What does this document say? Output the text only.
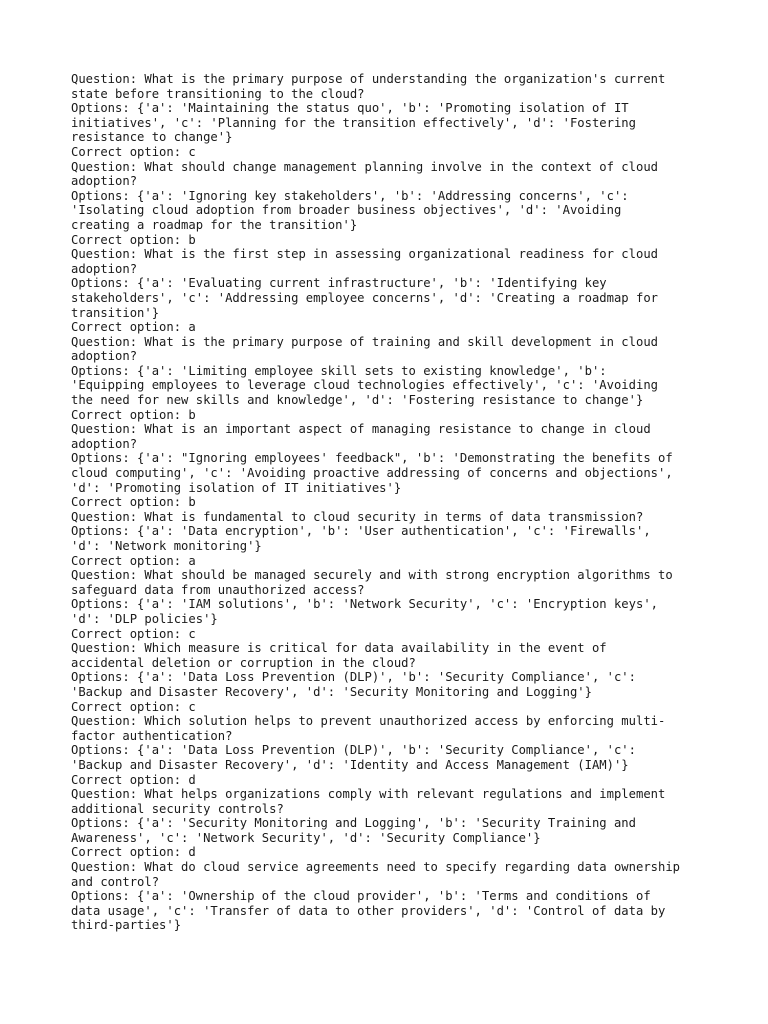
Question: What is the primary purpose of understanding the organization's current
state before transitioning to the cloud?
Options: {'a': 'Maintaining the status quo', 'b': 'Promoting isolation of IT
initiatives', 'c': 'Planning for the transition effectively', 'd': 'Fostering
resistance to change'}
Correct option: c
Question: What should change management planning involve in the context of cloud
adoption?
Options: {'a': 'Ignoring key stakeholders', 'b': 'Addressing concerns', 'c':
'Isolating cloud adoption from broader business objectives', 'd': 'Avoiding
creating a roadmap for the transition'}
Correct option: b
Question: What is the first step in assessing organizational readiness for cloud
adoption?
Options: {'a': 'Evaluating current infrastructure', 'b': 'Identifying key
stakeholders', 'c': 'Addressing employee concerns', 'd': 'Creating a roadmap for
transition'}
Correct option: a
Question: What is the primary purpose of training and skill development in cloud
adoption?
Options: {'a': 'Limiting employee skill sets to existing knowledge', 'b':
'Equipping employees to leverage cloud technologies effectively', 'c': 'Avoiding
the need for new skills and knowledge', 'd': 'Fostering resistance to change'}
Correct option: b
Question: What is an important aspect of managing resistance to change in cloud
adoption?
Options: {'a': "Ignoring employees' feedback", 'b': 'Demonstrating the benefits of
cloud computing', 'c': 'Avoiding proactive addressing of concerns and objections',
'd': 'Promoting isolation of IT initiatives'}
Correct option: b
Question: What is fundamental to cloud security in terms of data transmission?
Options: {'a': 'Data encryption', 'b': 'User authentication', 'c': 'Firewalls',
'd': 'Network monitoring'}
Correct option: a
Question: What should be managed securely and with strong encryption algorithms to
safeguard data from unauthorized access?
Options: {'a': 'IAM solutions', 'b': 'Network Security', 'c': 'Encryption keys',
'd': 'DLP policies'}
Correct option: c
Question: Which measure is critical for data availability in the event of
accidental deletion or corruption in the cloud?
Options: {'a': 'Data Loss Prevention (DLP)', 'b': 'Security Compliance', 'c':
'Backup and Disaster Recovery', 'd': 'Security Monitoring and Logging'}
Correct option: c
Question: Which solution helps to prevent unauthorized access by enforcing multi-
factor authentication?
Options: {'a': 'Data Loss Prevention (DLP)', 'b': 'Security Compliance', 'c':
'Backup and Disaster Recovery', 'd': 'Identity and Access Management (IAM)'}
Correct option: d
Question: What helps organizations comply with relevant regulations and implement
additional security controls?
Options: {'a': 'Security Monitoring and Logging', 'b': 'Security Training and
Awareness', 'c': 'Network Security', 'd': 'Security Compliance'}
Correct option: d
Question: What do cloud service agreements need to specify regarding data ownership
and control?
Options: {'a': 'Ownership of the cloud provider', 'b': 'Terms and conditions of
data usage', 'c': 'Transfer of data to other providers', 'd': 'Control of data by
third-parties'}
